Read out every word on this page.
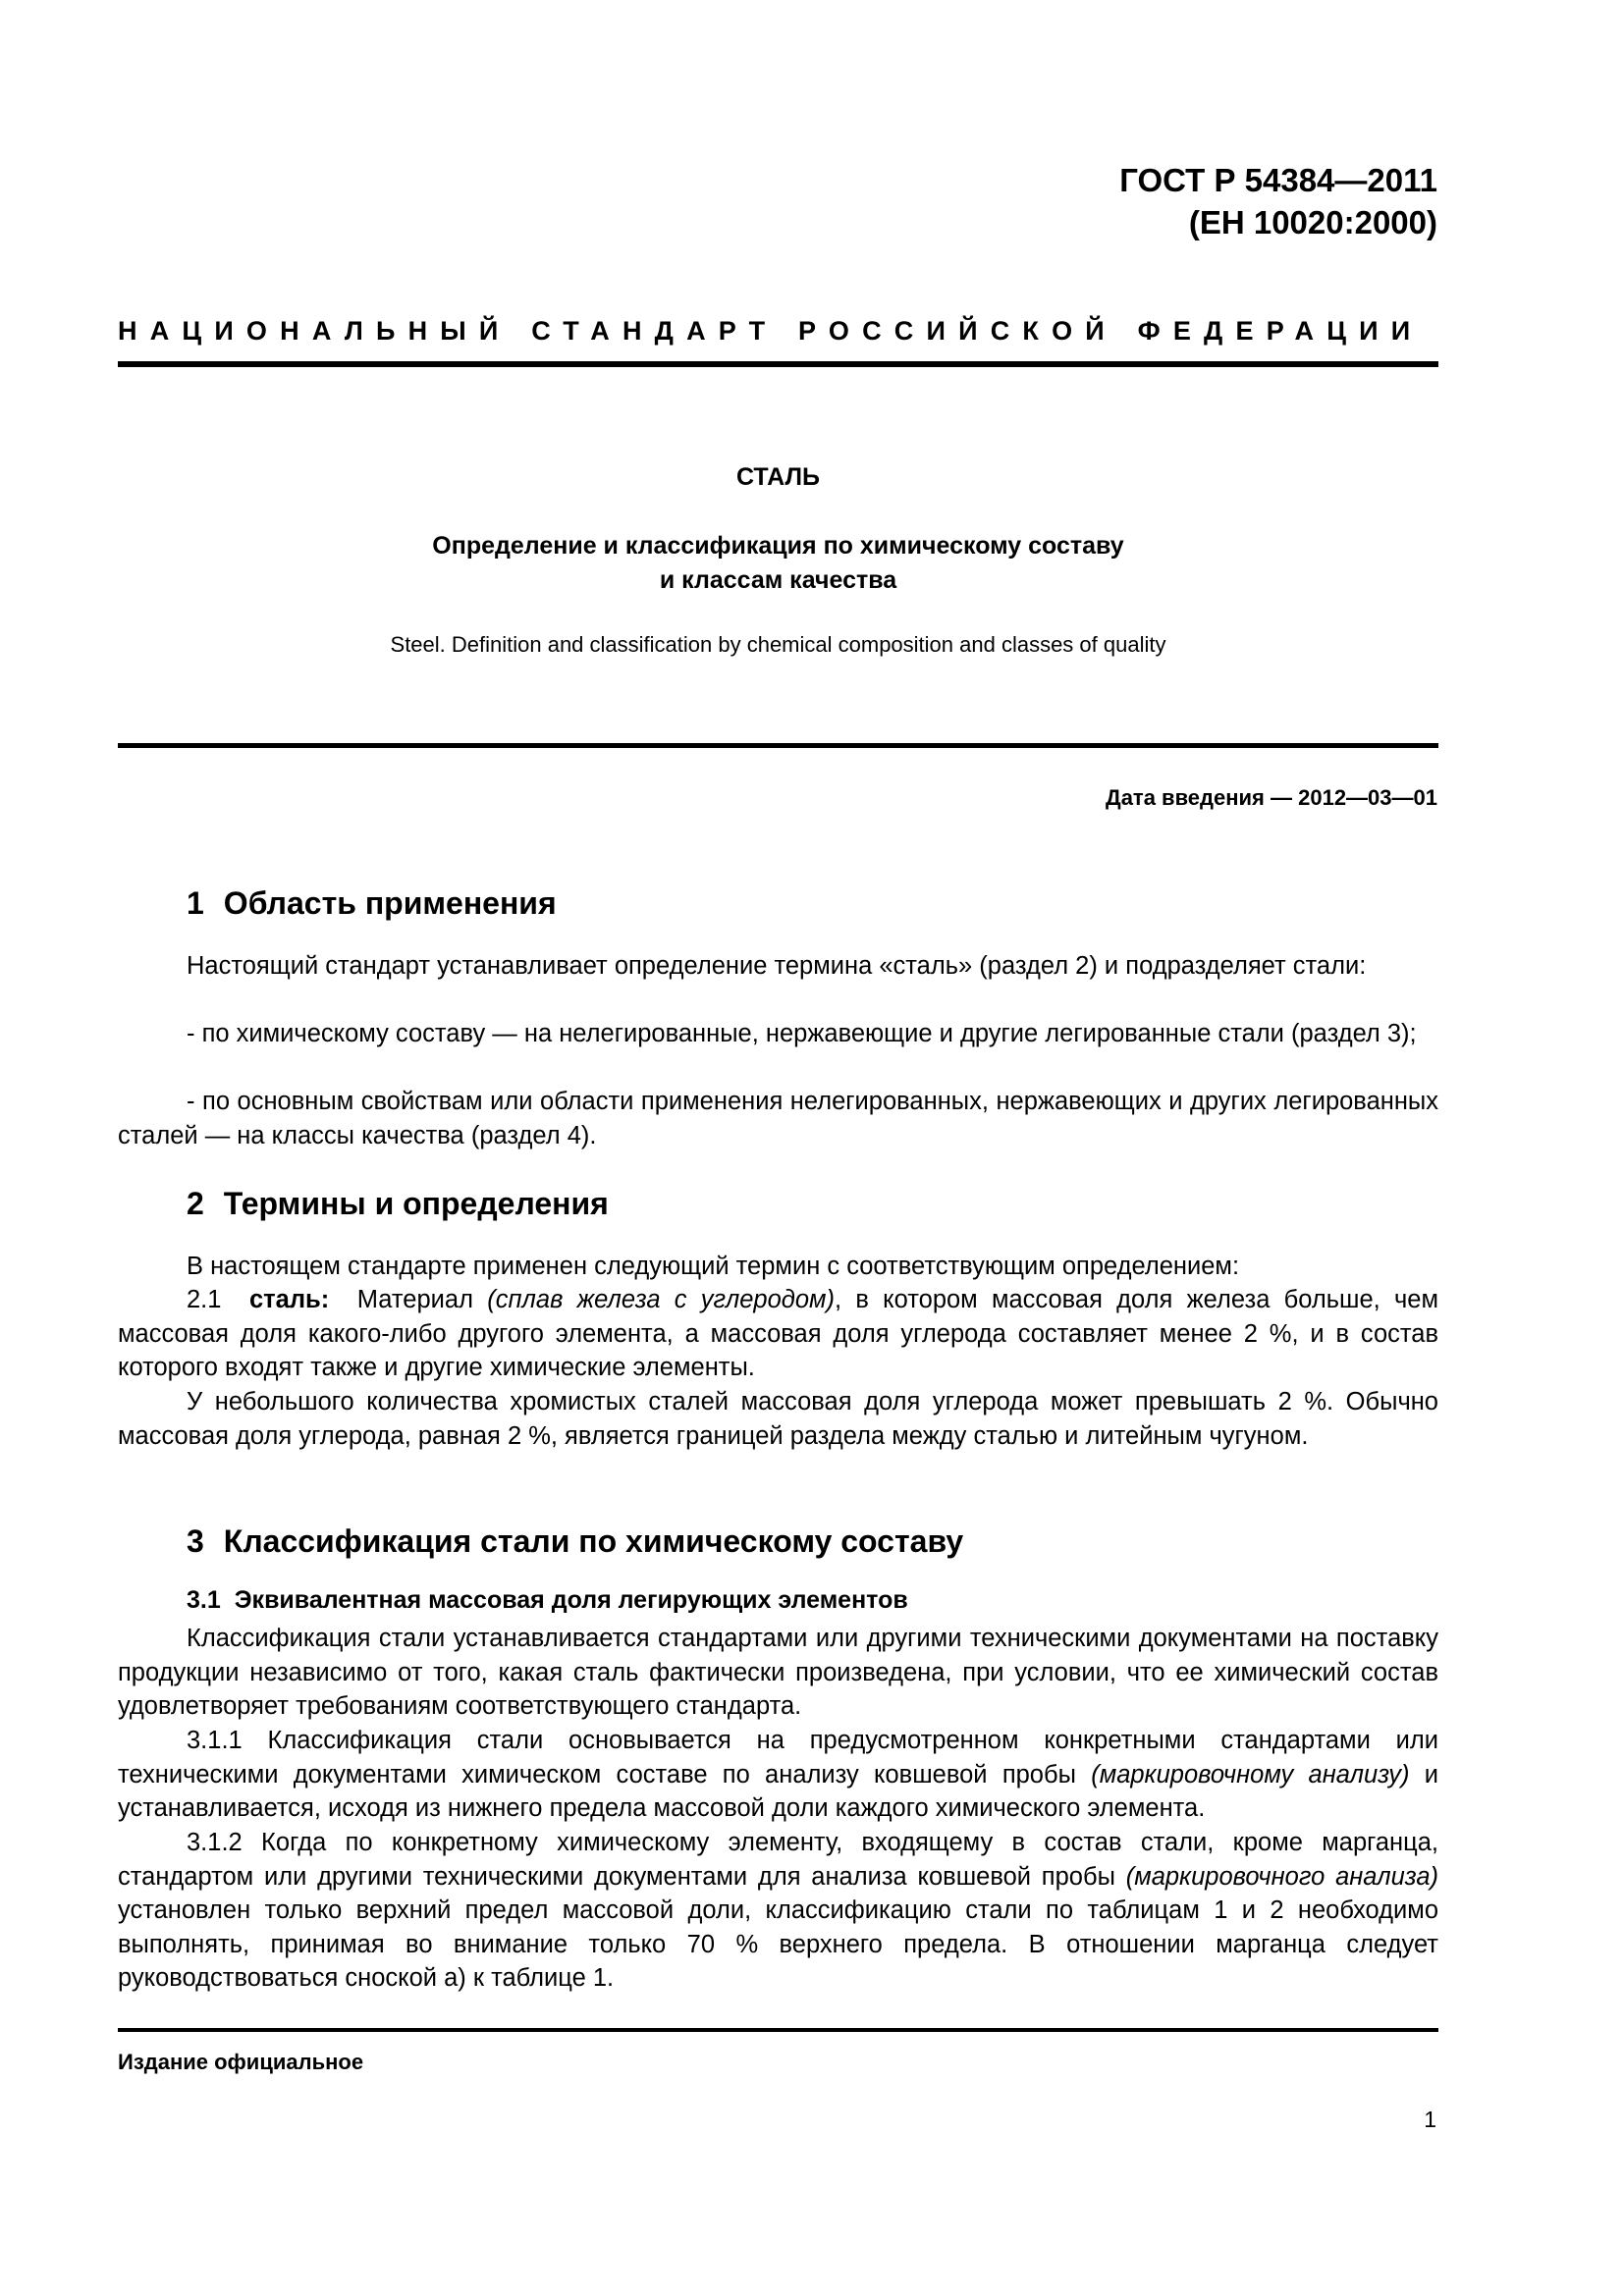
ГОСТ Р 54384—2011
(ЕН 10020:2000)
НАЦИОНАЛЬНЫЙ СТАНДАРТ РОССИЙСКОЙ ФЕДЕРАЦИИ
СТАЛЬ
Определение и классификация по химическому составу
и классам качества
Steel. Definition and classification by chemical composition and classes of quality
Дата введения — 2012—03—01
1 Область применения
Настоящий стандарт устанавливает определение термина «сталь» (раздел 2) и подразделяет стали:
- по химическому составу — на нелегированные, нержавеющие и другие легированные стали (раздел 3);
- по основным свойствам или области применения нелегированных, нержавеющих и других легированных сталей — на классы качества (раздел 4).
2 Термины и определения
В настоящем стандарте применен следующий термин с соответствующим определением:
2.1 сталь: Материал (сплав железа с углеродом), в котором массовая доля железа больше, чем массовая доля какого-либо другого элемента, а массовая доля углерода составляет менее 2 %, и в состав которого входят также и другие химические элементы.
У небольшого количества хромистых сталей массовая доля углерода может превышать 2 %. Обычно массовая доля углерода, равная 2 %, является границей раздела между сталью и литейным чугуном.
3 Классификация стали по химическому составу
3.1 Эквивалентная массовая доля легирующих элементов
Классификация стали устанавливается стандартами или другими техническими документами на поставку продукции независимо от того, какая сталь фактически произведена, при условии, что ее химический состав удовлетворяет требованиям соответствующего стандарта.
3.1.1 Классификация стали основывается на предусмотренном конкретными стандартами или техническими документами химическом составе по анализу ковшевой пробы (маркировочному анализу) и устанавливается, исходя из нижнего предела массовой доли каждого химического элемента.
3.1.2 Когда по конкретному химическому элементу, входящему в состав стали, кроме марганца, стандартом или другими техническими документами для анализа ковшевой пробы (маркировочного анализа) установлен только верхний предел массовой доли, классификацию стали по таблицам 1 и 2 необходимо выполнять, принимая во внимание только 70 % верхнего предела. В отношении марганца следует руководствоваться сноской а) к таблице 1.
Издание официальное
1
